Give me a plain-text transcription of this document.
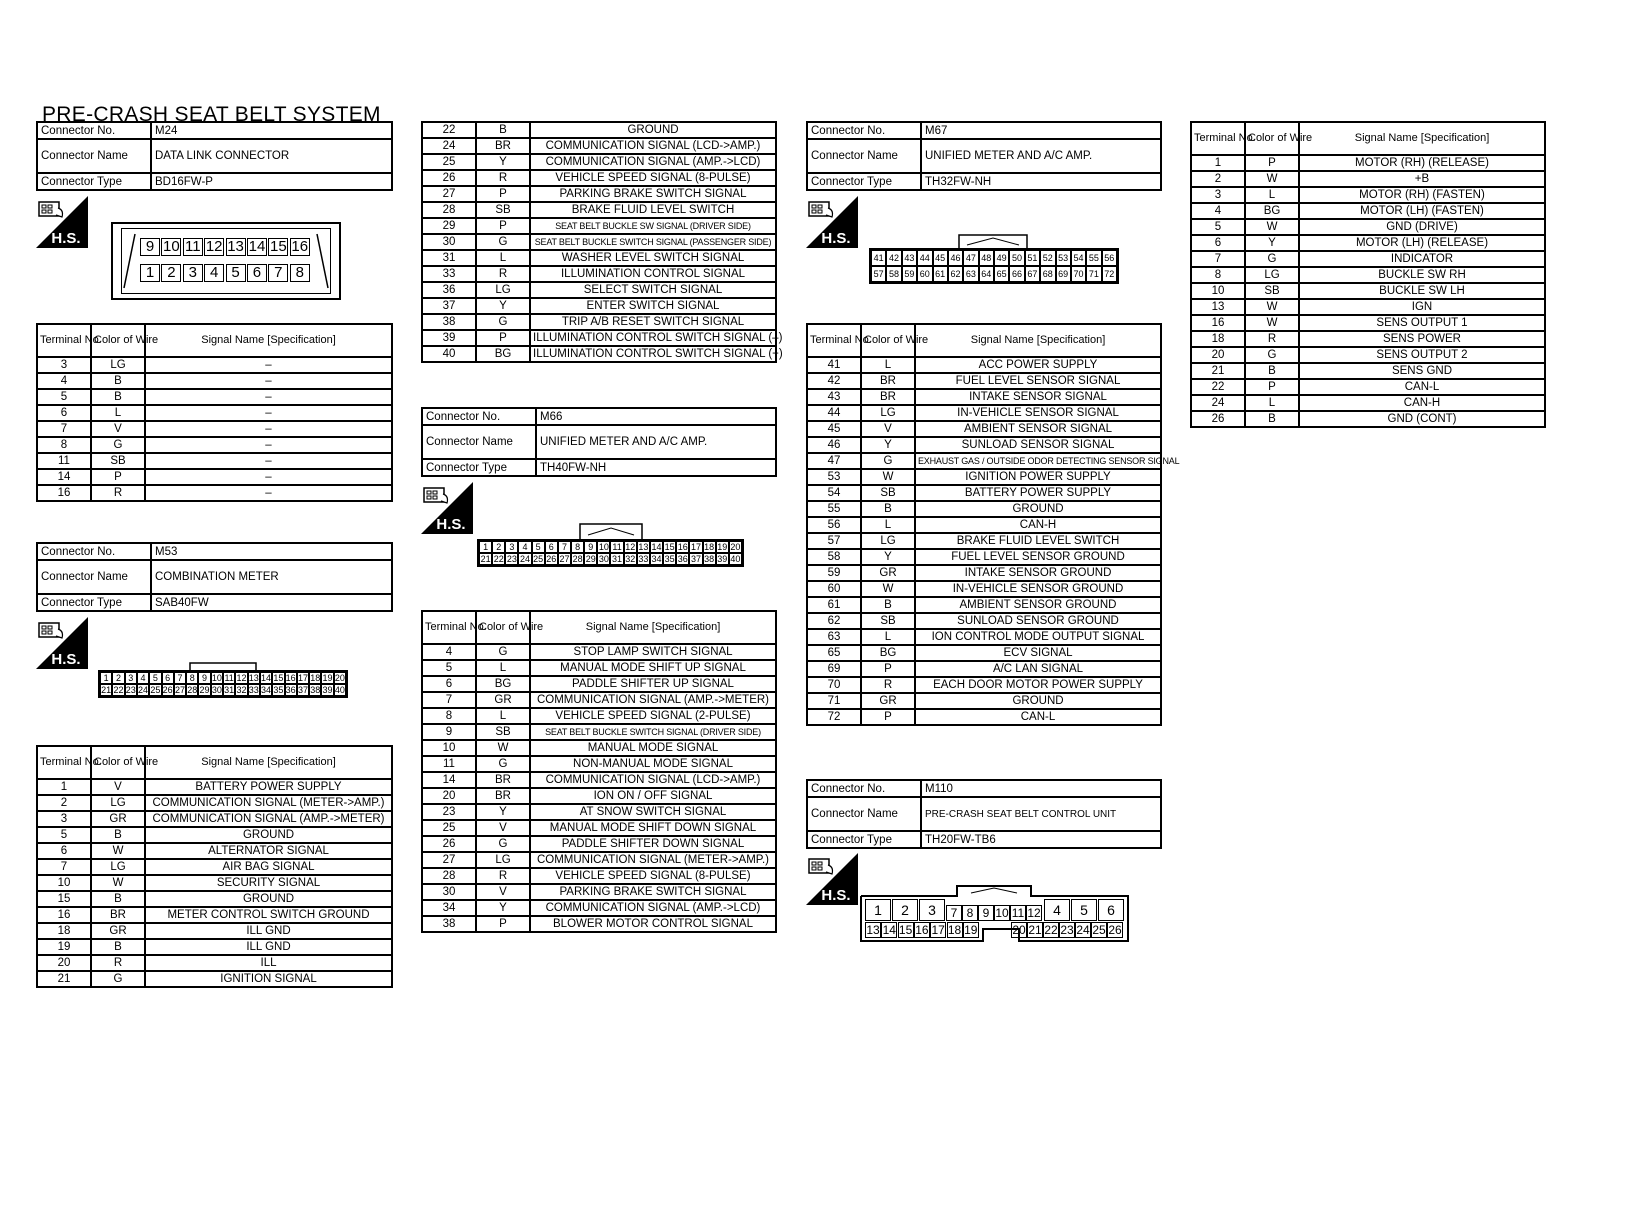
PRE-CRASH SEAT BELT SYSTEM
Connector No.	M24
Connector Name	DATA LINK CONNECTOR
Connector Type	BD16FW-P
H.S.	9 10 11 12 13 14 15 16
1 2 3 4 5 6 7 8
Terminal No.	Color of Wire	Signal Name [Specification]
3	LG	–
4	B	–
5	B	–
6	L	–
7	V	–
8	G	–
11	SB	–
14	P	–
16	R	–
Connector No.	M53
Connector Name	COMBINATION METER
Connector Type	SAB40FW
H.S.
1 2 3 4 5 6 7 8 9 10 11 12 13 14 15 16 17 18 19 20
21 22 23 24 25 26 27 28 29 30 31 32 33 34 35 36 37 38 39 40
Terminal No.	Color of Wire	Signal Name [Specification]
1	V	BATTERY POWER SUPPLY
2	LG	COMMUNICATION SIGNAL (METER->AMP.)
3	GR	COMMUNICATION SIGNAL (AMP.->METER)
5	B	GROUND
6	W	ALTERNATOR SIGNAL
7	LG	AIR BAG SIGNAL
10	W	SECURITY SIGNAL
15	B	GROUND
16	BR	METER CONTROL SWITCH GROUND
18	GR	ILL GND
19	B	ILL GND
20	R	ILL
21	G	IGNITION SIGNAL
22	B	GROUND
24	BR	COMMUNICATION SIGNAL (LCD->AMP.)
25	Y	COMMUNICATION SIGNAL (AMP.->LCD)
26	R	VEHICLE SPEED SIGNAL (8-PULSE)
27	P	PARKING BRAKE SWITCH SIGNAL
28	SB	BRAKE FLUID LEVEL SWITCH
29	P	SEAT BELT BUCKLE SW SIGNAL (DRIVER SIDE)
30	G	SEAT BELT BUCKLE SWITCH SIGNAL (PASSENGER SIDE)
31	L	WASHER LEVEL SWITCH SIGNAL
33	R	ILLUMINATION CONTROL SIGNAL
36	LG	SELECT SWITCH SIGNAL
37	Y	ENTER SWITCH SIGNAL
38	G	TRIP A/B RESET SWITCH SIGNAL
39	P	ILLUMINATION CONTROL SWITCH SIGNAL (–)
40	BG	ILLUMINATION CONTROL SWITCH SIGNAL (+)
Connector No.	M66
Connector Name	UNIFIED METER AND A/C AMP.
Connector Type	TH40FW-NH
H.S.
1 2 3 4 5 6 7 8 9 10 11 12 13 14 15 16 17 18 19 20
21 22 23 24 25 26 27 28 29 30 31 32 33 34 35 36 37 38 39 40
Terminal No.	Color of Wire	Signal Name [Specification]
4	G	STOP LAMP SWITCH SIGNAL
5	L	MANUAL MODE SHIFT UP SIGNAL
6	BG	PADDLE SHIFTER UP SIGNAL
7	GR	COMMUNICATION SIGNAL (AMP.->METER)
8	L	VEHICLE SPEED SIGNAL (2-PULSE)
9	SB	SEAT BELT BUCKLE SWITCH SIGNAL (DRIVER SIDE)
10	W	MANUAL MODE SIGNAL
11	G	NON-MANUAL MODE SIGNAL
14	BR	COMMUNICATION SIGNAL (LCD->AMP.)
20	BR	ION ON / OFF SIGNAL
23	Y	AT SNOW SWITCH SIGNAL
25	V	MANUAL MODE SHIFT DOWN SIGNAL
26	G	PADDLE SHIFTER DOWN SIGNAL
27	LG	COMMUNICATION SIGNAL (METER->AMP.)
28	R	VEHICLE SPEED SIGNAL (8-PULSE)
30	V	PARKING BRAKE SWITCH SIGNAL
34	Y	COMMUNICATION SIGNAL (AMP.->LCD)
38	P	BLOWER MOTOR CONTROL SIGNAL
Connector No.	M67
Connector Name	UNIFIED METER AND A/C AMP.
Connector Type	TH32FW-NH
H.S.
41 42 43 44 45 46 47 48 49 50 51 52 53 54 55 56
57 58 59 60 61 62 63 64 65 66 67 68 69 70 71 72
Terminal No.	Color of Wire	Signal Name [Specification]
41	L	ACC POWER SUPPLY
42	BR	FUEL LEVEL SENSOR SIGNAL
43	BR	INTAKE SENSOR SIGNAL
44	LG	IN-VEHICLE SENSOR SIGNAL
45	V	AMBIENT SENSOR SIGNAL
46	Y	SUNLOAD SENSOR SIGNAL
47	G	EXHAUST GAS / OUTSIDE ODOR DETECTING SENSOR SIGNAL
53	W	IGNITION POWER SUPPLY
54	SB	BATTERY POWER SUPPLY
55	B	GROUND
56	L	CAN-H
57	LG	BRAKE FLUID LEVEL SWITCH
58	Y	FUEL LEVEL SENSOR GROUND
59	GR	INTAKE SENSOR GROUND
60	W	IN-VEHICLE SENSOR GROUND
61	B	AMBIENT SENSOR GROUND
62	SB	SUNLOAD SENSOR GROUND
63	L	ION CONTROL MODE OUTPUT SIGNAL
65	BG	ECV SIGNAL
69	P	A/C LAN SIGNAL
70	R	EACH DOOR MOTOR POWER SUPPLY
71	GR	GROUND
72	P	CAN-L
Connector No.	M110
Connector Name	PRE-CRASH SEAT BELT CONTROL UNIT
Connector Type	TH20FW-TB6
H.S.
1	2	3	7 8 9 10 11 12 4	5	6
13 14 15 16 17 18 19	20 21 22 23 24 25 26
Terminal No.	Color of Wire	Signal Name [Specification]
1	P	MOTOR (RH) (RELEASE)
2	W	+B
3	L	MOTOR (RH) (FASTEN)
4	BG	MOTOR (LH) (FASTEN)
5	W	GND (DRIVE)
6	Y	MOTOR (LH) (RELEASE)
7	G	INDICATOR
8	LG	BUCKLE SW RH
10	SB	BUCKLE SW LH
13	W	IGN
16	W	SENS OUTPUT 1
18	R	SENS POWER
20	G	SENS OUTPUT 2
21	B	SENS GND
22	P	CAN-L
24	L	CAN-H
26	B	GND (CONT)
